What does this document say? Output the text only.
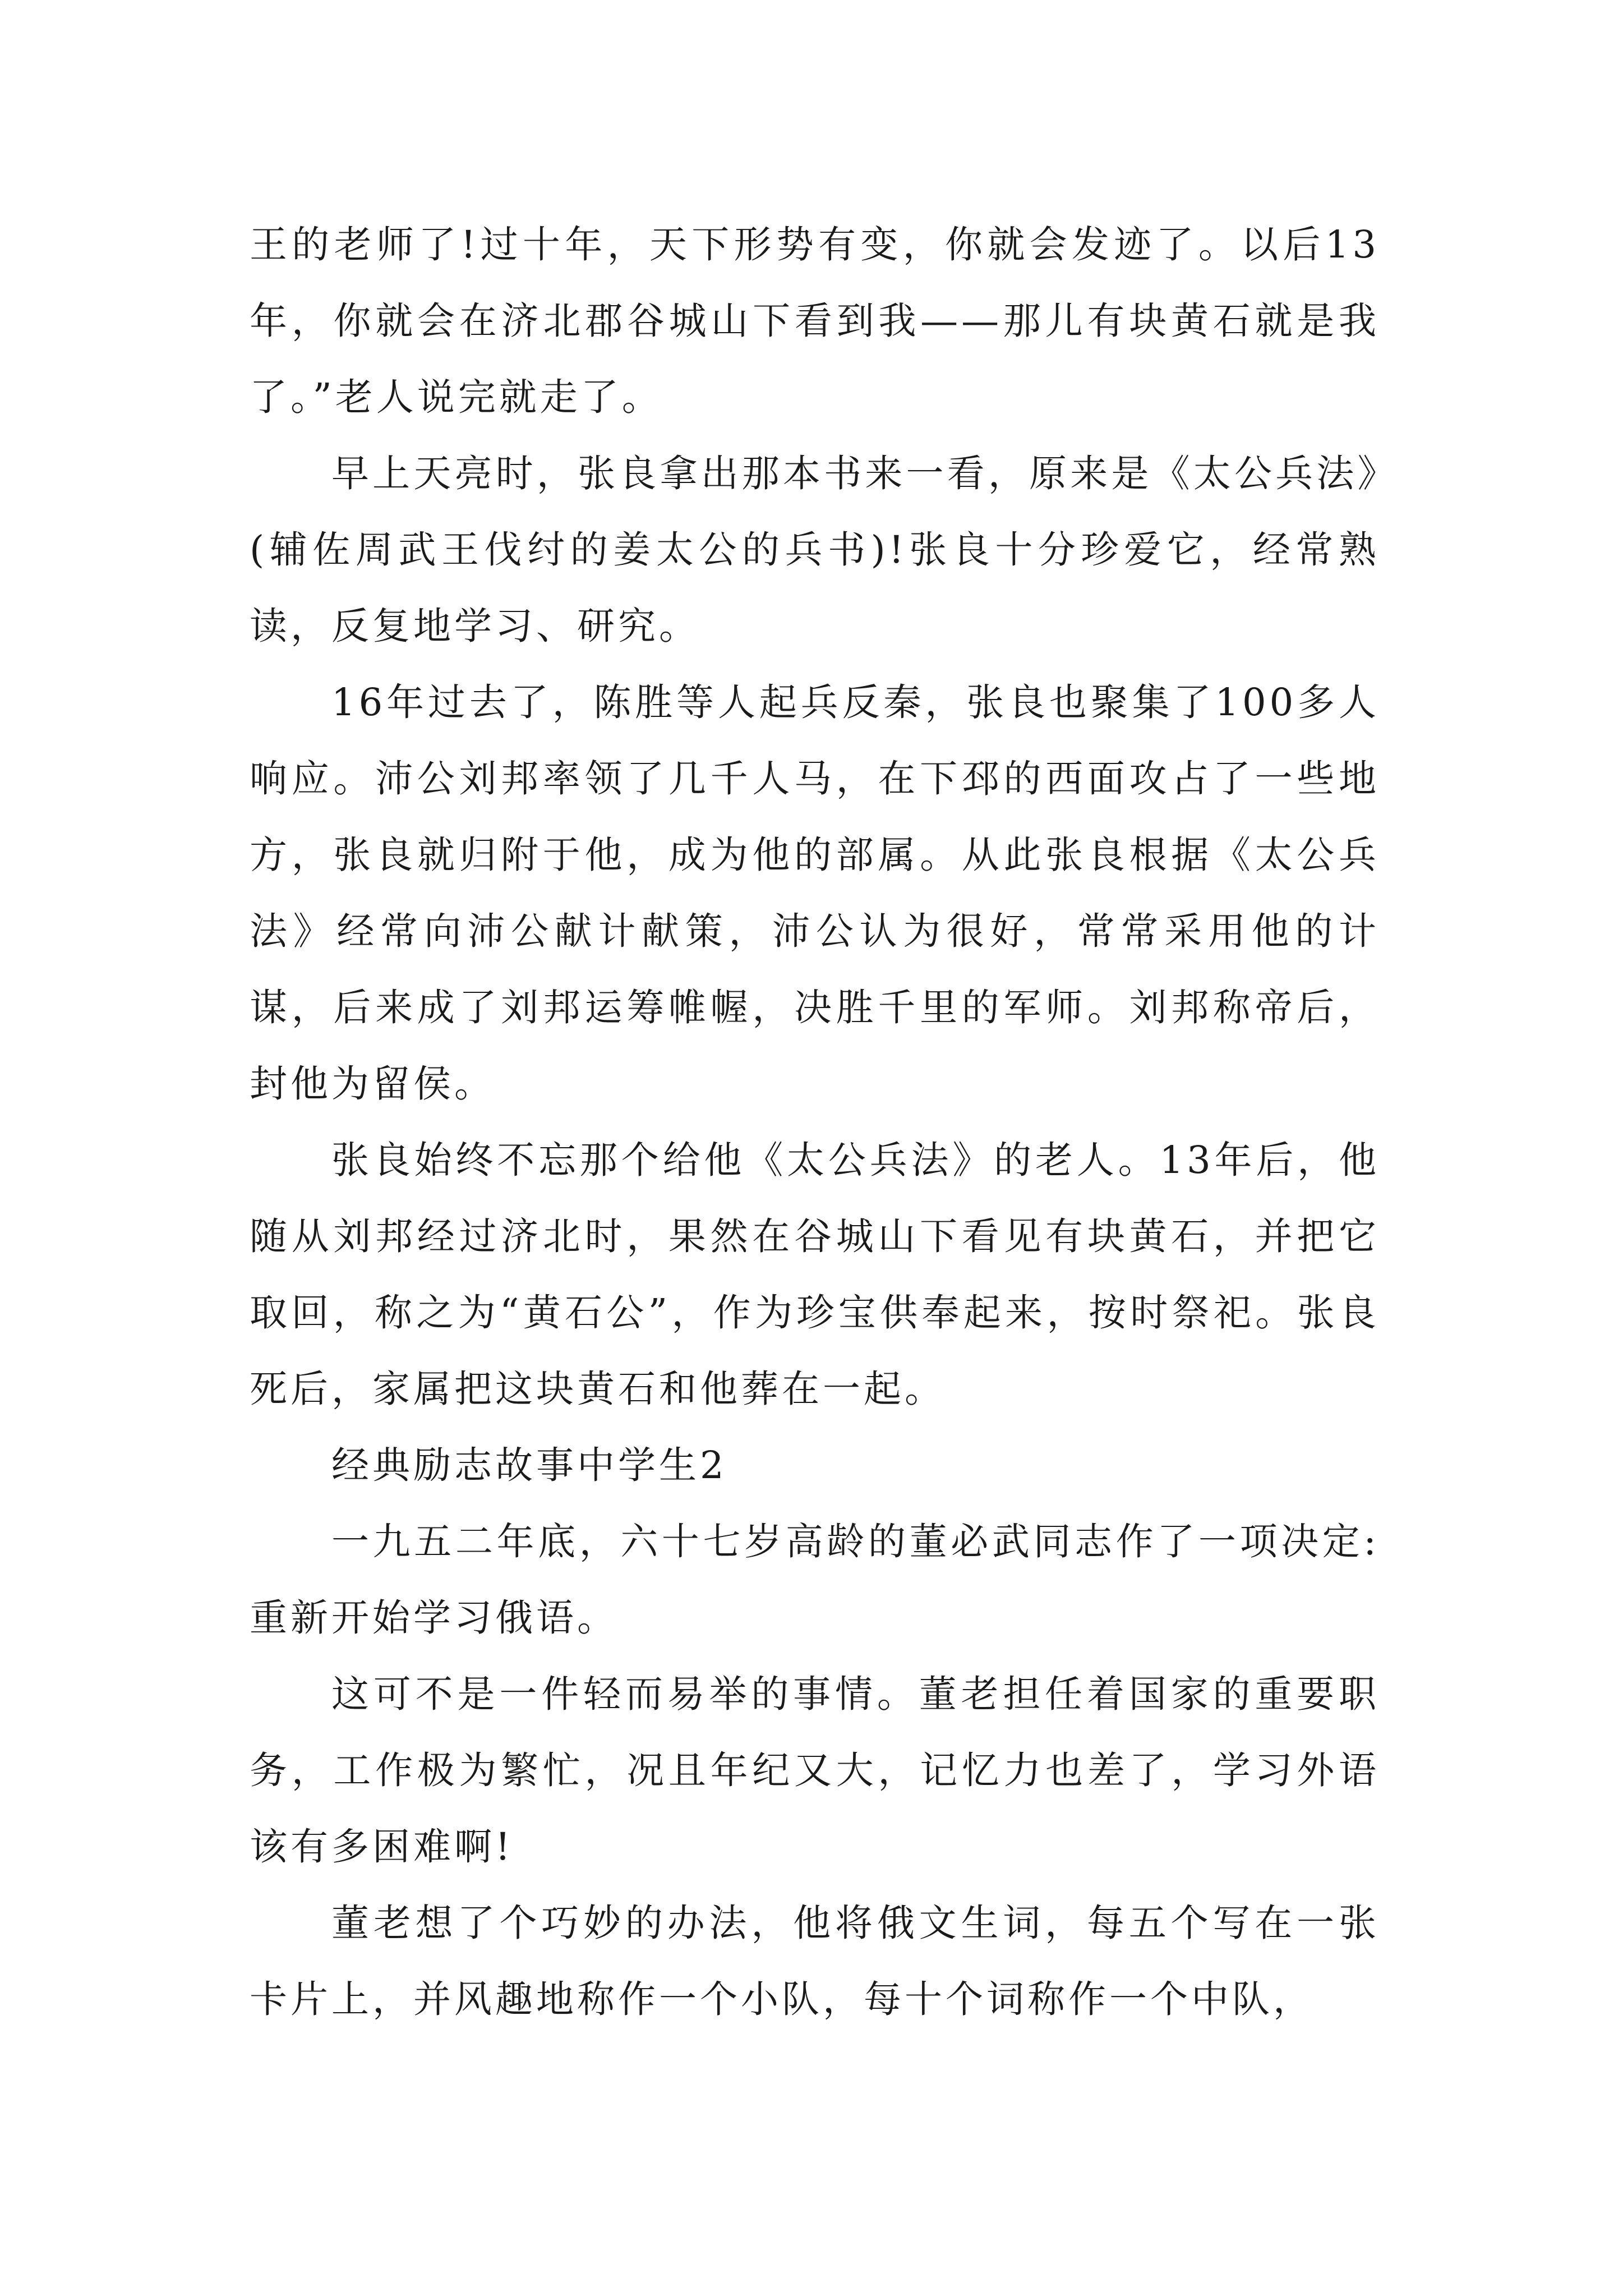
王的老师了!过十年，天下形势有变，你就会发迹了。以后13年，你就会在济北郡谷城山下看到我——那儿有块黄石就是我了。”老人说完就走了。

早上天亮时，张良拿出那本书来一看，原来是《太公兵法》(辅佐周武王伐纣的姜太公的兵书)!张良十分珍爱它，经常熟读，反复地学习、研究。

16年过去了，陈胜等人起兵反秦，张良也聚集了100多人响应。沛公刘邦率领了几千人马，在下邳的西面攻占了一些地方，张良就归附于他，成为他的部属。从此张良根据《太公兵法》经常向沛公献计献策，沛公认为很好，常常采用他的计谋，后来成了刘邦运筹帷幄，决胜千里的军师。刘邦称帝后，封他为留侯。

张良始终不忘那个给他《太公兵法》的老人。13年后，他随从刘邦经过济北时，果然在谷城山下看见有块黄石，并把它取回，称之为“黄石公”，作为珍宝供奉起来，按时祭祀。张良死后，家属把这块黄石和他葬在一起。

经典励志故事中学生2

一九五二年底，六十七岁高龄的董必武同志作了一项决定:重新开始学习俄语。

这可不是一件轻而易举的事情。董老担任着国家的重要职务，工作极为繁忙，况且年纪又大，记忆力也差了，学习外语该有多困难啊!

董老想了个巧妙的办法，他将俄文生词，每五个写在一张卡片上，并风趣地称作一个小队，每十个词称作一个中队，
